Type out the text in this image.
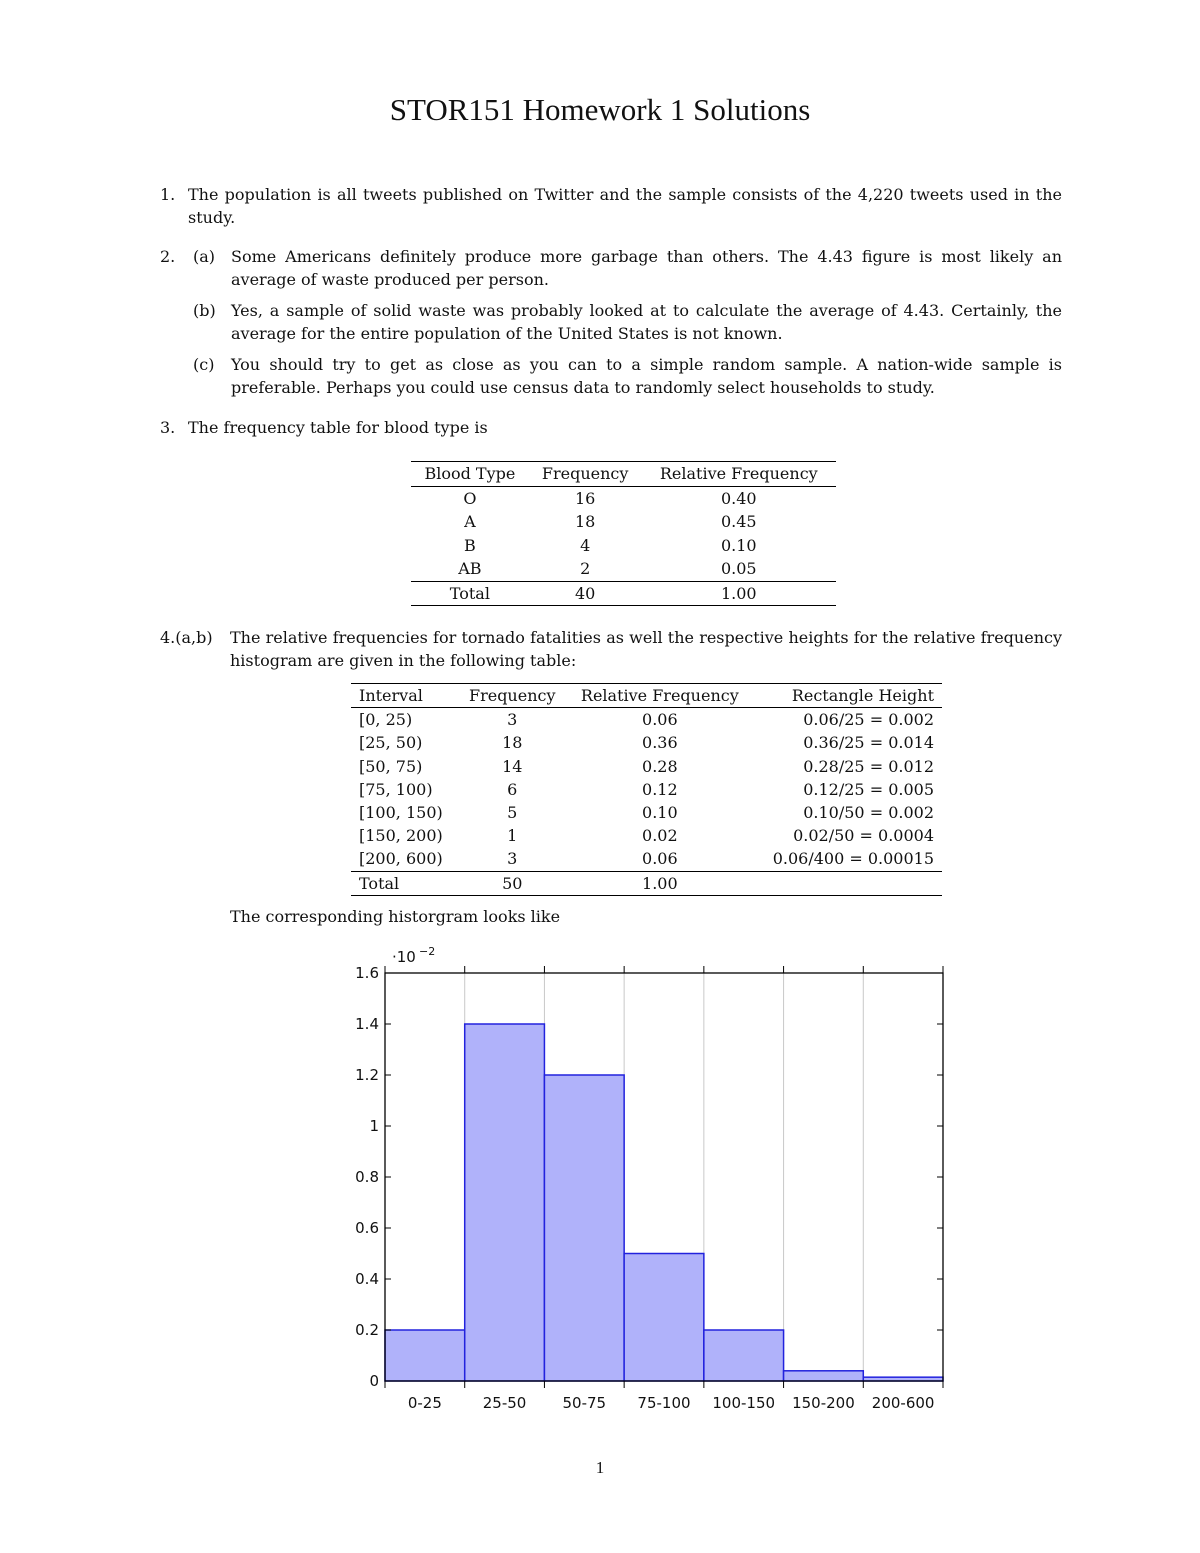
STOR151 Homework 1 Solutions
1. The population is all tweets published on Twitter and the sample consists of the 4,220 tweets used in the study.
2. (a) Some Americans definitely produce more garbage than others. The 4.43 figure is most likely an average of waste produced per person.
(b) Yes, a sample of solid waste was probably looked at to calculate the average of 4.43. Certainly, the average for the entire population of the United States is not known.
(c) You should try to get as close as you can to a simple random sample. A nation-wide sample is preferable. Perhaps you could use census data to randomly select households to study.
3. The frequency table for blood type is
Blood Type	Frequency	Relative Frequency
O	16	0.40
A	18	0.45
B	4	0.10
AB	2	0.05
Total	40	1.00
4.(a,b) The relative frequencies for tornado fatalities as well the respective heights for the relative frequency histogram are given in the following table:
Interval	Frequency	Relative Frequency	Rectangle Height
[0, 25)	3	0.06	0.06/25 = 0.002
[25, 50)	18	0.36	0.36/25 = 0.014
[50, 75)	14	0.28	0.28/25 = 0.012
[75, 100)	6	0.12	0.12/25 = 0.005
[100, 150)	5	0.10	0.10/50 = 0.002
[150, 200)	1	0.02	0.02/50 = 0.0004
[200, 600)	3	0.06	0.06/400 = 0.00015
Total	50	1.00	
The corresponding historgram looks like
0
0.2
0.4
0.6
0.8
1
1.2
1.4
1.6
0-25	25-50 50-75 75-100 100-150 150-200 200-600
·10 −2
1
